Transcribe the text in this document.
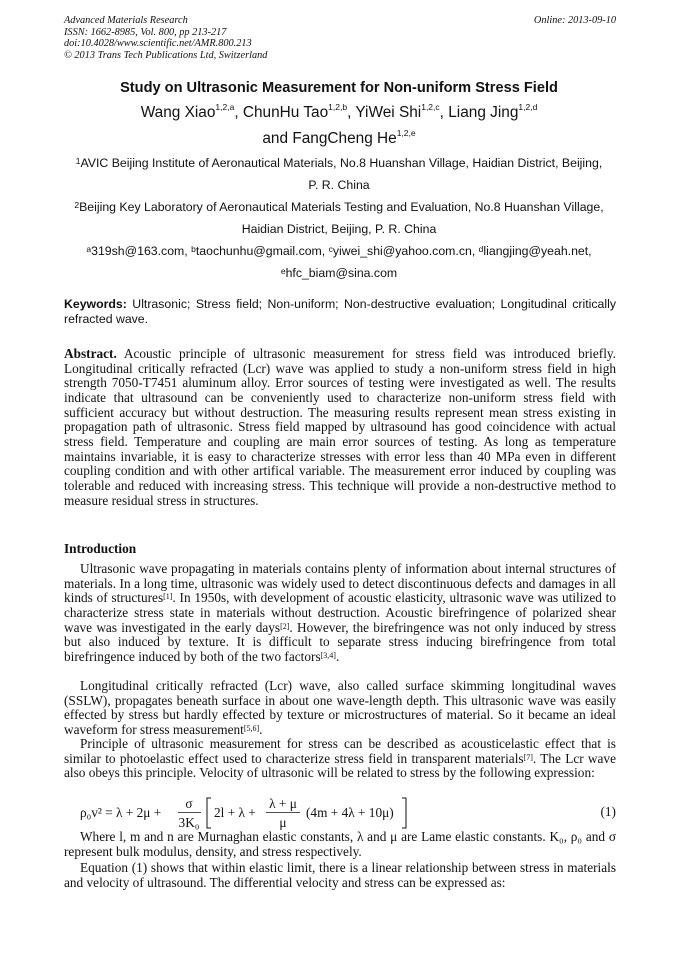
Advanced Materials Research
ISSN: 1662-8985, Vol. 800, pp 213-217
doi:10.4028/www.scientific.net/AMR.800.213
© 2013 Trans Tech Publications Ltd, Switzerland
Online: 2013-09-10
Study on Ultrasonic Measurement for Non-uniform Stress Field
Wang Xiao$^{1,2,a}$, ChunHu Tao$^{1,2,b}$, YiWei Shi$^{1,2,c}$, Liang Jing$^{1,2,d}$
and FangCheng He$^{1,2,e}$
$^1$AVIC Beijing Institute of Aeronautical Materials, No.8 Huanshan Village, Haidian District, Beijing,
P. R. China
$^2$Beijing Key Laboratory of Aeronautical Materials Testing and Evaluation, No.8 Huanshan Village,
Haidian District, Beijing, P. R. China
$^a$319sh@163.com, $^b$taochunhu@gmail.com, $^c$yiwei_shi@yahoo.com.cn, $^d$liangjing@yeah.net,
$^e$hfc_biam@sina.com
Keywords: Ultrasonic; Stress field; Non-uniform; Non-destructive evaluation; Longitudinal critically refracted wave.
Abstract. Acoustic principle of ultrasonic measurement for stress field was introduced briefly. Longitudinal critically refracted (Lcr) wave was applied to study a non-uniform stress field in high strength 7050-T7451 aluminum alloy. Error sources of testing were investigated as well. The results indicate that ultrasound can be conveniently used to characterize non-uniform stress field with sufficient accuracy but without destruction. The measuring results represent mean stress existing in propagation path of ultrasonic. Stress field mapped by ultrasound has good coincidence with actual stress field. Temperature and coupling are main error sources of testing. As long as temperature maintains invariable, it is easy to characterize stresses with error less than 40 MPa even in different coupling condition and with other artifical variable. The measurement error induced by coupling was tolerable and reduced with increasing stress. This technique will provide a non-destructive method to measure residual stress in structures.
Introduction
Ultrasonic wave propagating in materials contains plenty of information about internal structures of materials. In a long time, ultrasonic was widely used to detect discontinuous defects and damages in all kinds of structures[1]. In 1950s, with development of acoustic elasticity, ultrasonic wave was utilized to characterize stress state in materials without destruction. Acoustic birefringence of polarized shear wave was investigated in the early days[2]. However, the birefringence was not only induced by stress but also induced by texture. It is difficult to separate stress inducing birefringence from total birefringence induced by both of the two factors[3,4].
Longitudinal critically refracted (Lcr) wave, also called surface skimming longitudinal waves (SSLW), propagates beneath surface in about one wave-length depth. This ultrasonic wave was easily effected by stress but hardly effected by texture or microstructures of material. So it became an ideal waveform for stress measurement[5,6].
Principle of ultrasonic measurement for stress can be described as acousticelastic effect that is similar to photoelastic effect used to characterize stress field in transparent materials[7]. The Lcr wave also obeys this principle. Velocity of ultrasonic will be related to stress by the following expression:
ρ₀v² = λ + 2μ +
σ
3K₀
2l + λ +
λ + μ
μ
(4m + 4λ + 10μ)	(1)
Where l, m and n are Murnaghan elastic constants, λ and μ are Lame elastic constants. K₀, ρ₀ and σ represent bulk modulus, density, and stress respectively.
Equation (1) shows that within elastic limit, there is a linear relationship between stress in materials and velocity of ultrasound. The differential velocity and stress can be expressed as:
